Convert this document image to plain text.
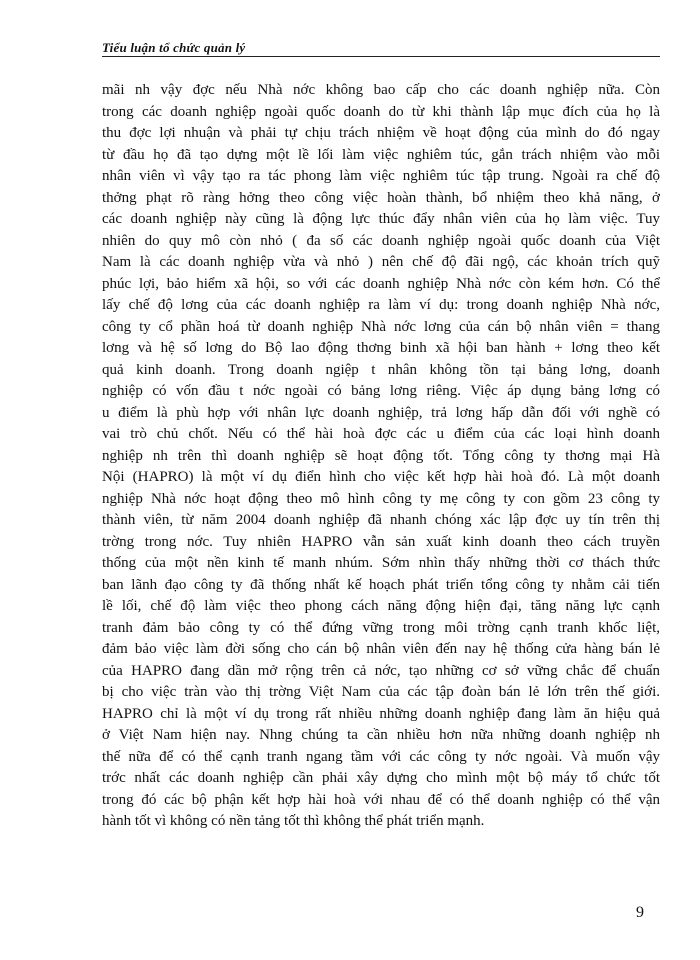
Tiểu luận tổ chức quản lý
mãi nh vậy đợc nếu Nhà nớc không bao cấp cho các doanh nghiệp nữa. Còn
trong các doanh nghiệp ngoài quốc doanh do từ khi thành lập mục đích của họ là
thu đợc lợi nhuận và phải tự chịu trách nhiệm về hoạt động của mình do đó ngay
từ đầu họ đã tạo dựng một lề lối làm việc nghiêm túc, gắn trách nhiệm vào mỗi
nhân viên vì vậy tạo ra tác phong làm việc nghiêm túc tập trung. Ngoài ra chế độ
thởng phạt rõ ràng hởng theo công việc hoàn thành, bổ nhiệm theo khả năng, ở
các doanh nghiệp này cũng là động lực thúc đẩy nhân viên của họ làm việc. Tuy
nhiên do quy mô còn nhỏ ( đa số các doanh nghiệp ngoài quốc doanh của Việt
Nam là các doanh nghiệp vừa và nhỏ ) nên chế độ đãi ngộ, các khoản trích quỹ
phúc lợi, bảo hiểm xã hội, so với các doanh nghiệp Nhà nớc còn kém hơn. Có thể
lấy chế độ lơng của các doanh nghiệp ra làm ví dụ: trong doanh nghiệp Nhà nớc,
công ty cổ phần hoá từ doanh nghiệp Nhà nớc lơng của cán bộ nhân viên = thang
lơng và hệ số lơng do Bộ lao động thơng binh xã hội ban hành + lơng theo kết
quả kinh doanh. Trong doanh ngiệp t nhân không tồn tại bảng lơng, doanh
nghiệp có vốn đầu t nớc ngoài có bảng lơng riêng. Việc áp dụng bảng lơng có
u điểm là phù hợp với nhân lực doanh nghiệp, trả lơng hấp dẫn đối với nghề có
vai trò chủ chốt. Nếu có thể hài hoà đợc các u điểm của các loại hình doanh
nghiệp nh trên thì doanh nghiệp sẽ hoạt động tốt. Tổng công ty thơng mại Hà
Nội (HAPRO) là một ví dụ điển hình cho việc kết hợp hài hoà đó. Là một doanh
nghiệp Nhà nớc hoạt động theo mô hình công ty mẹ công ty con gồm 23 công ty
thành viên, từ năm 2004 doanh nghiệp đã nhanh chóng xác lập đợc uy tín trên thị
trờng trong nớc. Tuy nhiên HAPRO vẫn sản xuất kinh doanh theo cách truyền
thống của một nền kinh tế manh nhúm. Sớm nhìn thấy những thời cơ thách thức
ban lãnh đạo công ty đã thống nhất kế hoạch phát triển tổng công ty nhằm cải tiến
lề lối, chế độ làm việc theo phong cách năng động hiện đại, tăng năng lực cạnh
tranh đảm bảo công ty có thể đứng vững trong môi trờng cạnh tranh khốc liệt,
đảm bảo việc làm đời sống cho cán bộ nhân viên đến nay hệ thống cửa hàng bán lẻ
của HAPRO đang dần mở rộng trên cả nớc, tạo những cơ sở vững chắc để chuẩn
bị cho việc tràn vào thị trờng Việt Nam của các tập đoàn bán lẻ lớn trên thế giới.
HAPRO chỉ là một ví dụ trong rất nhiều những doanh nghiệp đang làm ăn hiệu quả
ở Việt Nam hiện nay. Nhng chúng ta cần nhiều hơn nữa những doanh nghiệp nh
thế nữa để có thể cạnh tranh ngang tầm với các công ty nớc ngoài. Và muốn vậy
trớc nhất các doanh nghiệp cần phải xây dựng cho mình một bộ máy tổ chức tốt
trong đó các bộ phận kết hợp hài hoà với nhau để có thể doanh nghiệp có thể vận
hành tốt vì không có nền tảng tốt thì không thể phát triển mạnh.
9
